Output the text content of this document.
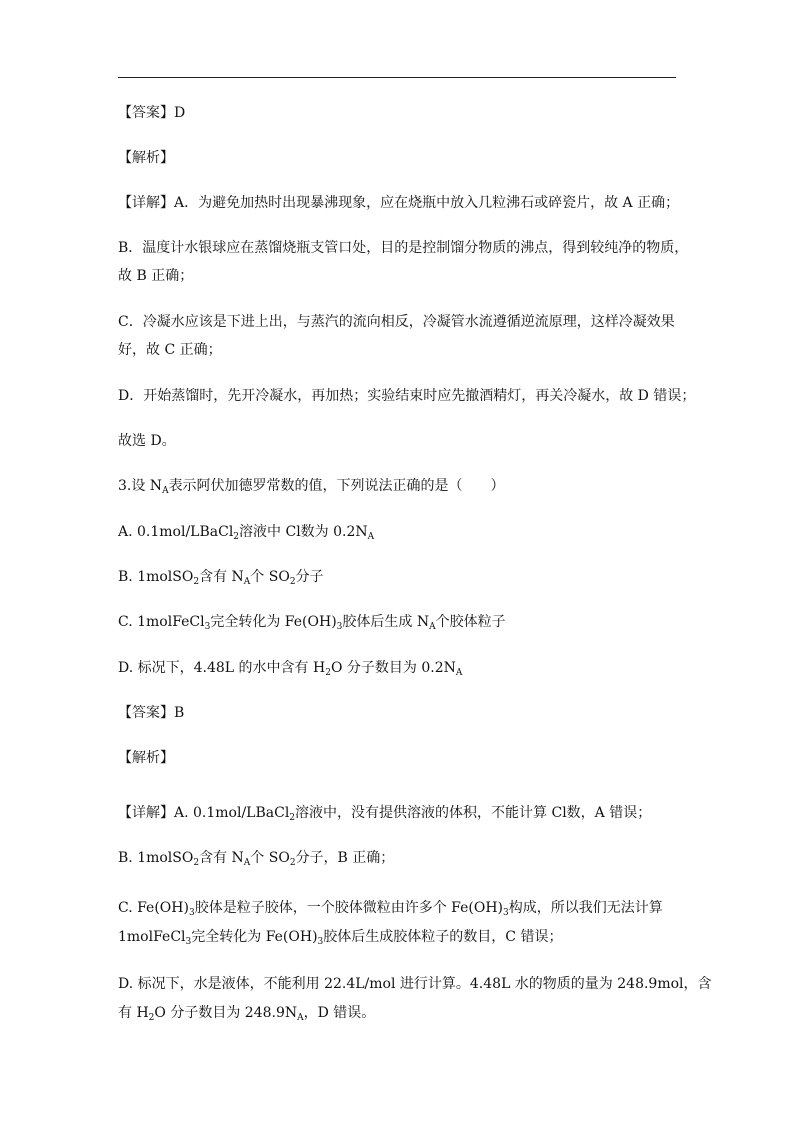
【答案】D
【解析】
【详解】A．为避免加热时出现暴沸现象，应在烧瓶中放入几粒沸石或碎瓷片，故 A 正确；
B．温度计水银球应在蒸馏烧瓶支管口处，目的是控制馏分物质的沸点，得到较纯净的物质，
故 B 正确；
C．冷凝水应该是下进上出，与蒸汽的流向相反，冷凝管水流遵循逆流原理，这样冷凝效果
好，故 C 正确；
D．开始蒸馏时，先开冷凝水，再加热；实验结束时应先撤酒精灯，再关冷凝水，故 D 错误；
故选 D。
3.设 $N_A$表示阿伏加德罗常数的值，下列说法正确的是（　　）
A. 0.1mol/LBaCl$_2$溶液中 Cl数为 $0.2N_A$
B. 1molSO$_2$含有 $N_A$个 $SO_2$分子
C. 1molFeCl$_3$完全转化为 $Fe(OH)_3$胶体后生成 $N_A$个胶体粒子
D. 标况下，4.48L 的水中含有 $H_2O$ 分子数目为 $0.2N_A$
【答案】B
【解析】
【详解】A. 0.1mol/LBaCl$_2$溶液中，没有提供溶液的体积，不能计算 Cl数，A 错误；
B. 1molSO$_2$含有 $N_A$个 $SO_2$分子，B 正确；
C. $Fe(OH)_3$胶体是粒子胶体，一个胶体微粒由许多个 $Fe(OH)_3$构成，所以我们无法计算
1molFeCl$_3$完全转化为 $Fe(OH)_3$胶体后生成胶体粒子的数目，C 错误；
D. 标况下，水是液体，不能利用 22.4L/mol 进行计算。4.48L 水的物质的量为 248.9mol，含
有 $H_2O$ 分子数目为 $248.9N_A$，D 错误。
